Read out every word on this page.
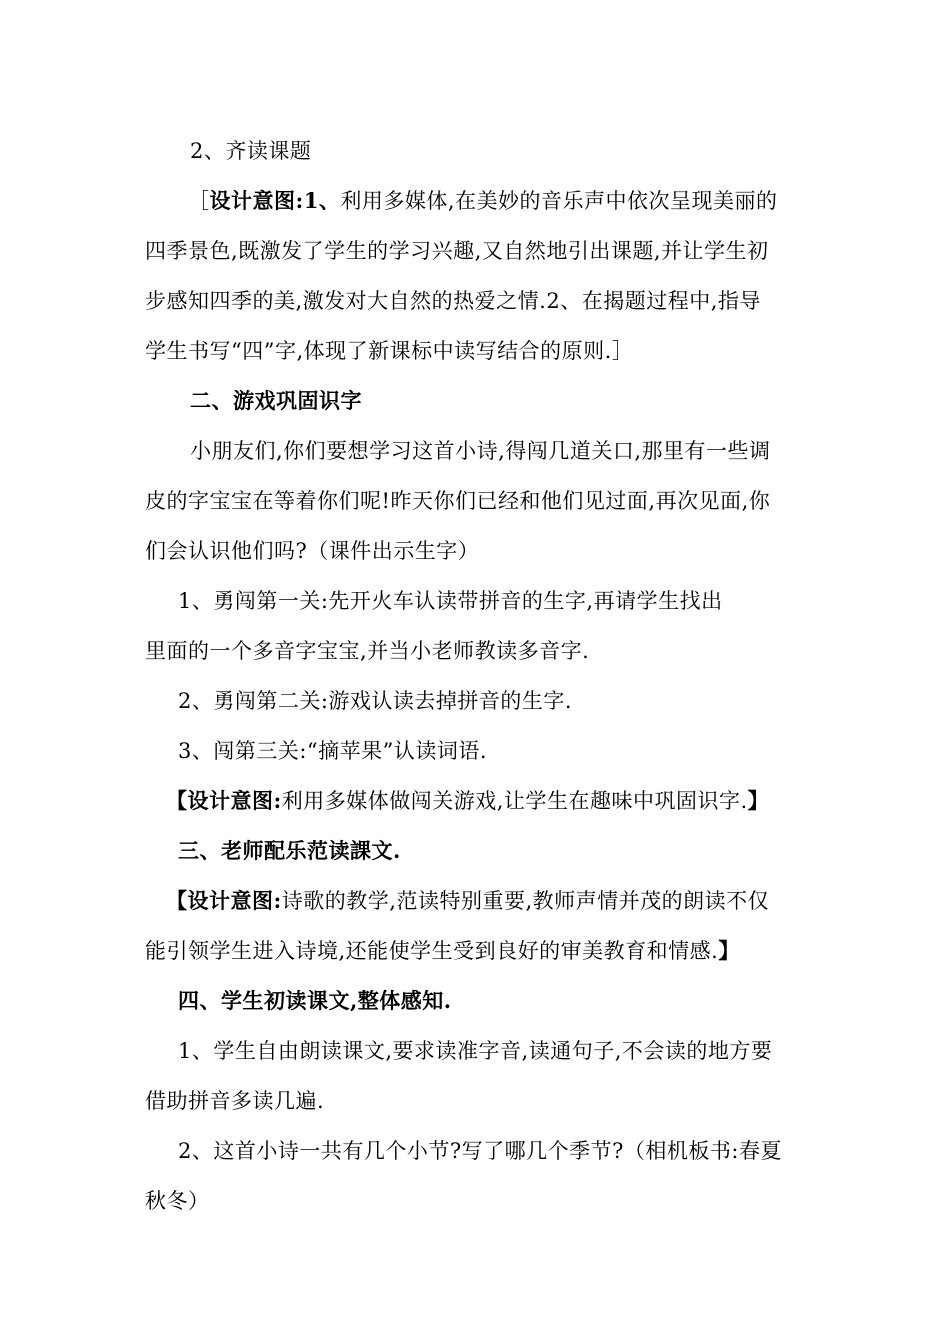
2、齐读课题
［设计意图:1、利用多媒体,在美妙的音乐声中依次呈现美丽的
四季景色,既激发了学生的学习兴趣,又自然地引出课题,并让学生初
步感知四季的美,激发对大自然的热爱之情.2、在揭题过程中,指导
学生书写“四”字,体现了新课标中读写结合的原则.］
二、游戏巩固识字
小朋友们,你们要想学习这首小诗,得闯几道关口,那里有一些调
皮的字宝宝在等着你们呢!昨天你们已经和他们见过面,再次见面,你
们会认识他们吗?（课件出示生字）
1、勇闯第一关:先开火车认读带拼音的生字,再请学生找出
里面的一个多音字宝宝,并当小老师教读多音字.
2、勇闯第二关:游戏认读去掉拼音的生字.
3、闯第三关:“摘苹果”认读词语.
【设计意图:利用多媒体做闯关游戏,让学生在趣味中巩固识字.】
三、老师配乐范读課文.
【设计意图:诗歌的教学,范读特别重要,教师声情并茂的朗读不仅
能引领学生进入诗境,还能使学生受到良好的审美教育和情感.】
四、学生初读课文,整体感知.
1、学生自由朗读课文,要求读准字音,读通句子,不会读的地方要
借助拼音多读几遍.
2、这首小诗一共有几个小节?写了哪几个季节?（相机板书:春夏
秋冬）
